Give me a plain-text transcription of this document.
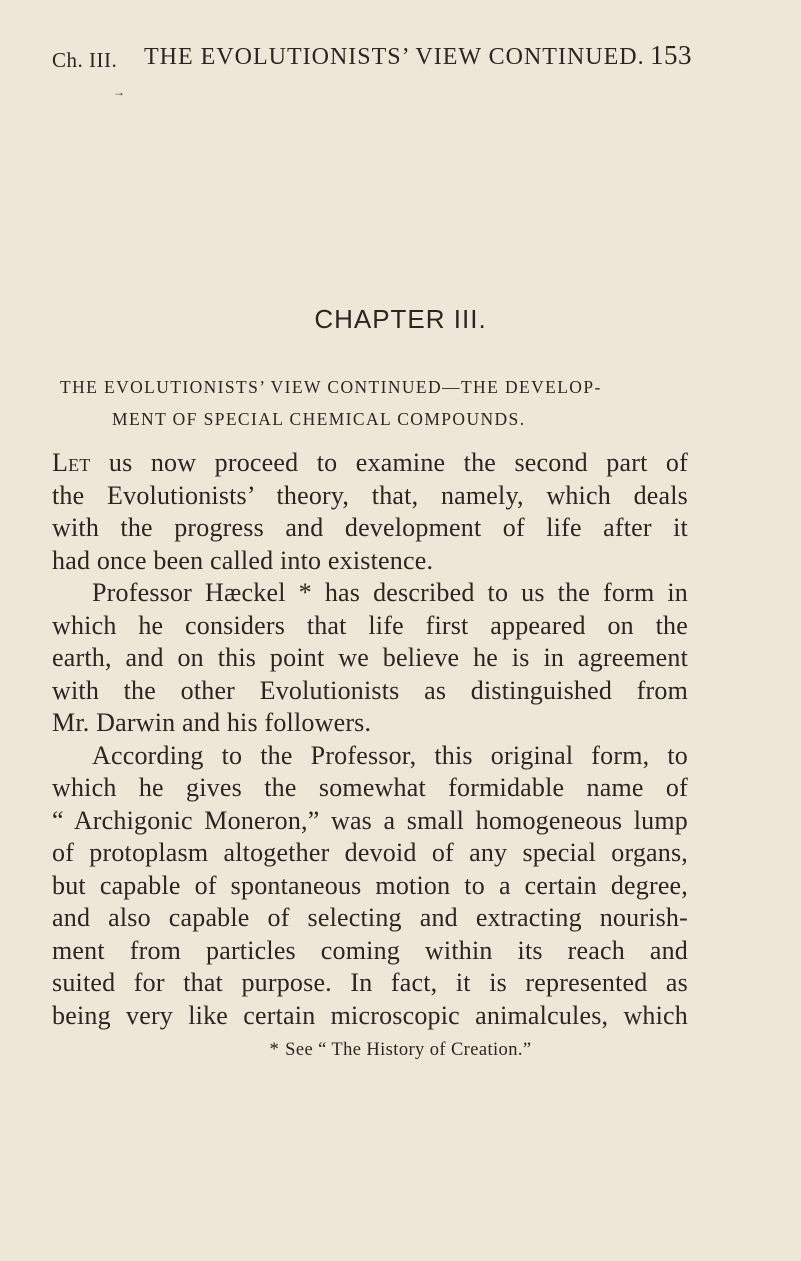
Ch. III. THE EVOLUTIONISTS’ VIEW CONTINUED. 153
→
CHAPTER III.
THE EVOLUTIONISTS’ VIEW CONTINUED—THE DEVELOP-
MENT OF SPECIAL CHEMICAL COMPOUNDS.
Let us now proceed to examine the second part of
the Evolutionists’ theory, that, namely, which deals
with the progress and development of life after it
had once been called into existence.
Professor Hæckel * has described to us the form in
which he considers that life first appeared on the
earth, and on this point we believe he is in agreement
with the other Evolutionists as distinguished from
Mr. Darwin and his followers.
According to the Professor, this original form, to
which he gives the somewhat formidable name of
“ Archigonic Moneron,” was a small homogeneous lump
of protoplasm altogether devoid of any special organs,
but capable of spontaneous motion to a certain degree,
and also capable of selecting and extracting nourish-
ment from particles coming within its reach and
suited for that purpose. In fact, it is represented as
being very like certain microscopic animalcules, which
* See “ The History of Creation.”
